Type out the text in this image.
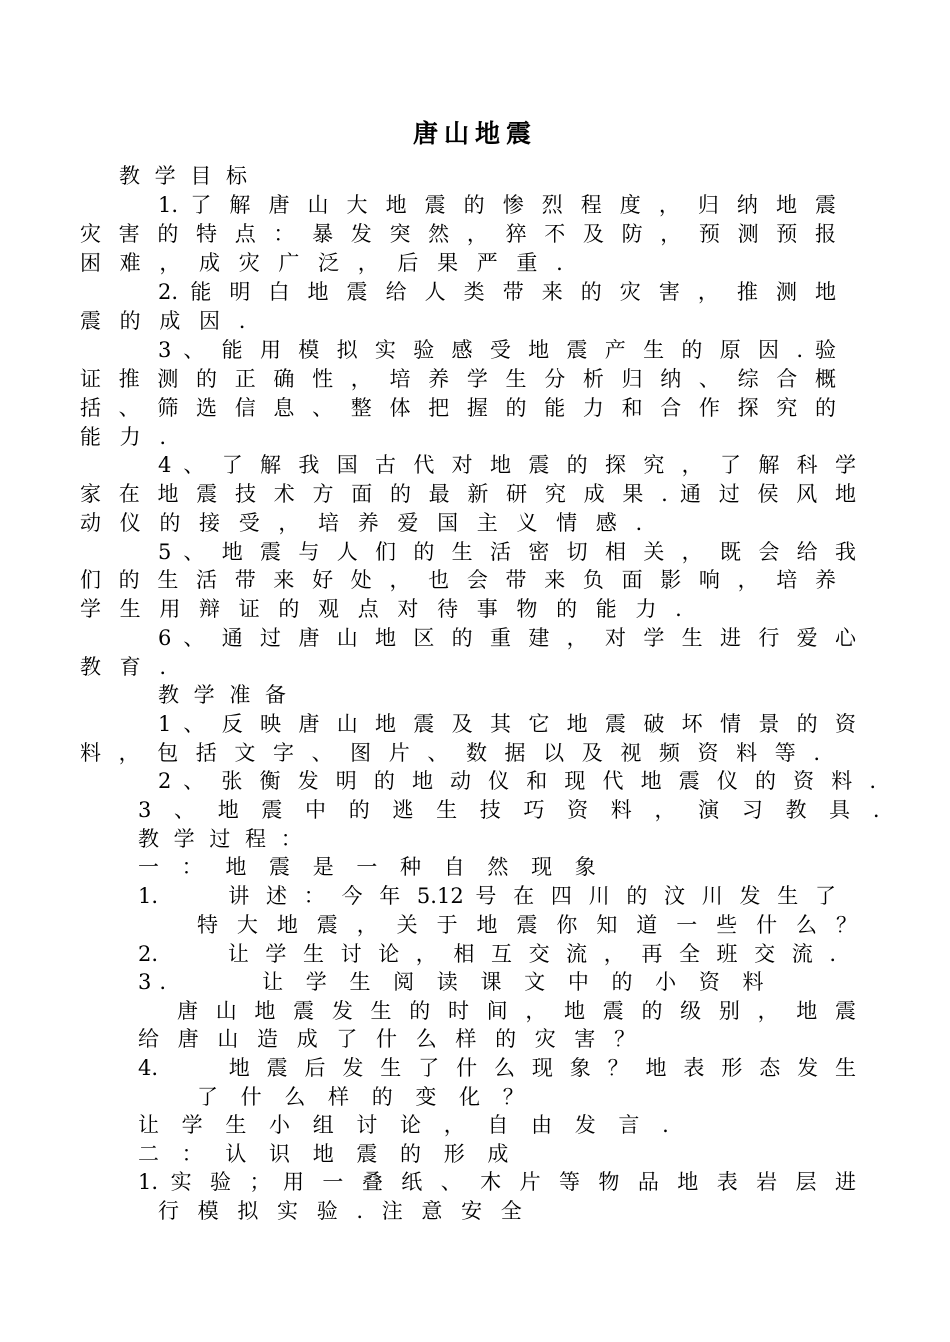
唐山地震
教 学 目 标
1. 了 解 唐 山 大 地 震 的 惨 烈 程 度 ， 归 纳 地 震
灾 害 的 特 点 ： 暴 发 突 然 ， 猝 不 及 防 ， 预 测 预 报
困 难 ， 成 灾 广 泛 ， 后 果 严 重 .
2. 能 明 白 地 震 给 人 类 带 来 的 灾 害 ， 推 测 地
震 的 成 因 .
3 、 能 用 模 拟 实 验 感 受 地 震 产 生 的 原 因 . 验
证 推 测 的 正 确 性 ， 培 养 学 生 分 析 归 纳 、 综 合 概
括 、 筛 选 信 息 、 整 体 把 握 的 能 力 和 合 作 探 究 的
能 力 .
4 、 了 解 我 国 古 代 对 地 震 的 探 究 ， 了 解 科 学
家 在 地 震 技 术 方 面 的 最 新 研 究 成 果 . 通 过 侯 风 地
动 仪 的 接 受 ， 培 养 爱 国 主 义 情 感 .
5 、 地 震 与 人 们 的 生 活 密 切 相 关 ， 既 会 给 我
们 的 生 活 带 来 好 处 ， 也 会 带 来 负 面 影 响 ， 培 养
学 生 用 辩 证 的 观 点 对 待 事 物 的 能 力 .
6 、 通 过 唐 山 地 区 的 重 建 ， 对 学 生 进 行 爱 心
教 育 .
教 学 准 备
1 、 反 映 唐 山 地 震 及 其 它 地 震 破 坏 情 景 的 资
料 ， 包 括 文 字 、 图 片 、 数 据 以 及 视 频 资 料 等 .
2 、 张 衡 发 明 的 地 动 仪 和 现 代 地 震 仪 的 资 料 .
3 、 地 震 中 的 逃 生 技 巧 资 料 ， 演 习 教 具 .
教 学 过 程 ：
一 ： 地 震 是 一 种 自 然 现 象
1.      讲 述 ： 今 年 5.12 号 在 四 川 的 汶 川 发 生 了
特 大 地 震 ， 关 于 地 震 你 知 道 一 些 什 么 ？
2.      让 学 生 讨 论 ， 相 互 交 流 ， 再 全 班 交 流 .
3.      让 学 生 阅 读 课 文 中 的 小 资 料
唐 山 地 震 发 生 的 时 间 ， 地 震 的 级 别 ， 地 震
给 唐 山 造 成 了 什 么 样 的 灾 害 ？
4.      地 震 后 发 生 了 什 么 现 象 ？ 地 表 形 态 发 生
了 什 么 样 的 变 化 ？
让 学 生 小 组 讨 论 ， 自 由 发 言 .
二 ： 认 识 地 震 的 形 成
1. 实 验 ； 用 一 叠 纸 、 木 片 等 物 品 地 表 岩 层 进
行 模 拟 实 验 . 注 意 安 全
